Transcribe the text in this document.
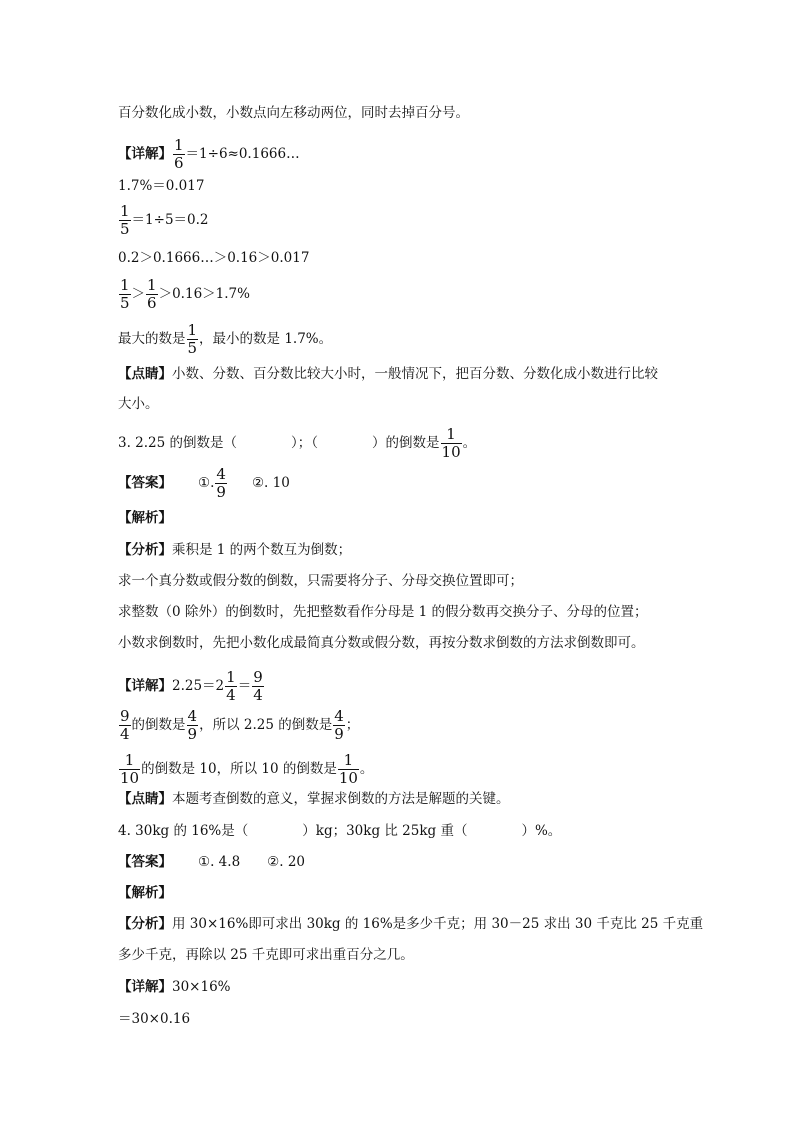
百分数化成小数，小数点向左移动两位，同时去掉百分号。
【详解】 $\frac{1}{6}$ ＝1÷6≈0.1666…
1.7%＝0.017
$\frac{1}{5} =1\div 5=0.2$
0.2＞0.1666…＞0.16＞0.017
$\frac{1}{5} > \frac{1}{6} >0.16>1.7\%$
最大的数是 $\frac{1}{5}$ ，最小的数是 1.7%。
【点睛】小数、分数、百分数比较大小时，一般情况下，把百分数、分数化成小数进行比较
大小。
3. 2.25 的倒数是（　　　　）；（　　　　）的倒数是 $\frac{1}{10}$ 。
【答案】 ①. $\frac{4}{9}$ ②. 10
【解析】
【分析】乘积是 1 的两个数互为倒数；
求一个真分数或假分数的倒数，只需要将分子、分母交换位置即可；
求整数（0 除外）的倒数时，先把整数看作分母是 1 的假分数再交换分子、分母的位置；
小数求倒数时，先把小数化成最简真分数或假分数，再按分数求倒数的方法求倒数即可。
【详解】$2.25=2 \frac{1}{4} = \frac{9}{4}$
$\frac{9}{4}$ 的倒数是 $\frac{4}{9}$ ，所以 2.25 的倒数是 $\frac{4}{9}$ ；
$\frac{1}{10}$ 的倒数是 10，所以 10 的倒数是 $\frac{1}{10}$ 。
【点睛】本题考查倒数的意义，掌握求倒数的方法是解题的关键。
4. 30kg 的 16%是（　　　　）kg；30kg 比 25kg 重（　　　　）%。
【答案】 ①. 4.8　　②. 20
【解析】
【分析】用 30×16%即可求出 30kg 的 16%是多少千克；用 30－25 求出 30 千克比 25 千克重
多少千克，再除以 25 千克即可求出重百分之几。
【详解】30×16%
＝30×0.16
